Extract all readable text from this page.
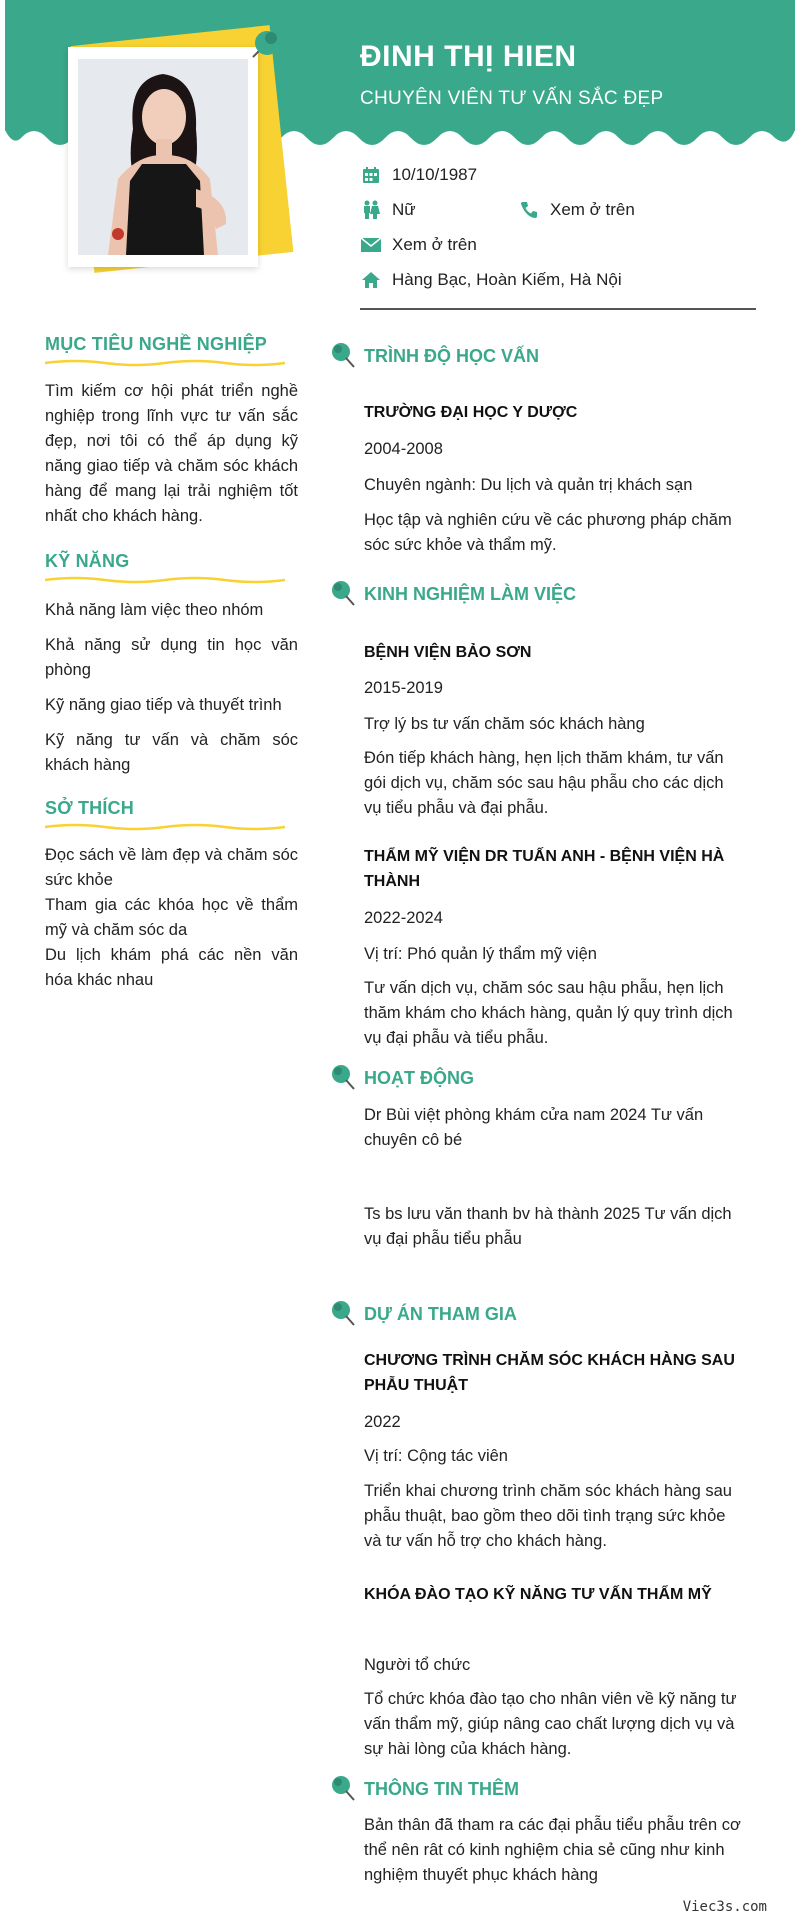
ĐINH THỊ HIEN
CHUYÊN VIÊN TƯ VẤN SẮC ĐẸP
10/10/1987
Nữ	Xem ở trên
Xem ở trên
Hàng Bạc, Hoàn Kiếm, Hà Nội
MỤC TIÊU NGHỀ NGHIỆP
Tìm kiếm cơ hội phát triển nghề nghiệp trong lĩnh vực tư vấn sắc đẹp, nơi tôi có thể áp dụng kỹ năng giao tiếp và chăm sóc khách hàng để mang lại trải nghiệm tốt nhất cho khách hàng.
KỸ NĂNG
Khả năng làm việc theo nhóm
Khả năng sử dụng tin học văn phòng
Kỹ năng giao tiếp và thuyết trình
Kỹ năng tư vấn và chăm sóc khách hàng
SỞ THÍCH
Đọc sách về làm đẹp và chăm sóc sức khỏe
Tham gia các khóa học về thẩm mỹ và chăm sóc da
Du lịch khám phá các nền văn hóa khác nhau
TRÌNH ĐỘ HỌC VẤN
TRƯỜNG ĐẠI HỌC Y DƯỢC
2004-2008
Chuyên ngành: Du lịch và quản trị khách sạn
Học tập và nghiên cứu về các phương pháp chăm sóc sức khỏe và thẩm mỹ.
KINH NGHIỆM LÀM VIỆC
BỆNH VIỆN BẢO SƠN
2015-2019
Trợ lý bs tư vấn chăm sóc khách hàng
Đón tiếp khách hàng, hẹn lịch thăm khám, tư vấn gói dịch vụ, chăm sóc sau hậu phẫu cho các dịch vụ tiểu phẫu và đại phẫu.
THẨM MỸ VIỆN DR TUẤN ANH - BỆNH VIỆN HÀ THÀNH
2022-2024
Vị trí: Phó quản lý thẩm mỹ viện
Tư vấn dịch vụ, chăm sóc sau hậu phẫu, hẹn lịch thăm khám cho khách hàng, quản lý quy trình dịch vụ đại phẫu và tiểu phẫu.
HOẠT ĐỘNG
Dr Bùi việt phòng khám cửa nam 2024 Tư vấn chuyên cô bé
Ts bs lưu văn thanh bv hà thành 2025 Tư vấn dịch vụ đại phẫu tiểu phẫu
DỰ ÁN THAM GIA
CHƯƠNG TRÌNH CHĂM SÓC KHÁCH HÀNG SAU PHẪU THUẬT
2022
Vị trí: Cộng tác viên
Triển khai chương trình chăm sóc khách hàng sau phẫu thuật, bao gồm theo dõi tình trạng sức khỏe và tư vấn hỗ trợ cho khách hàng.
KHÓA ĐÀO TẠO KỸ NĂNG TƯ VẤN THẨM MỸ
Người tổ chức
Tổ chức khóa đào tạo cho nhân viên về kỹ năng tư vấn thẩm mỹ, giúp nâng cao chất lượng dịch vụ và sự hài lòng của khách hàng.
THÔNG TIN THÊM
Bản thân đã tham ra các đại phẫu tiểu phẫu trên cơ thể nên rât có kinh nghiệm chia sẻ cũng như kinh nghiệm thuyết phục khách hàng
Viec3s.com
